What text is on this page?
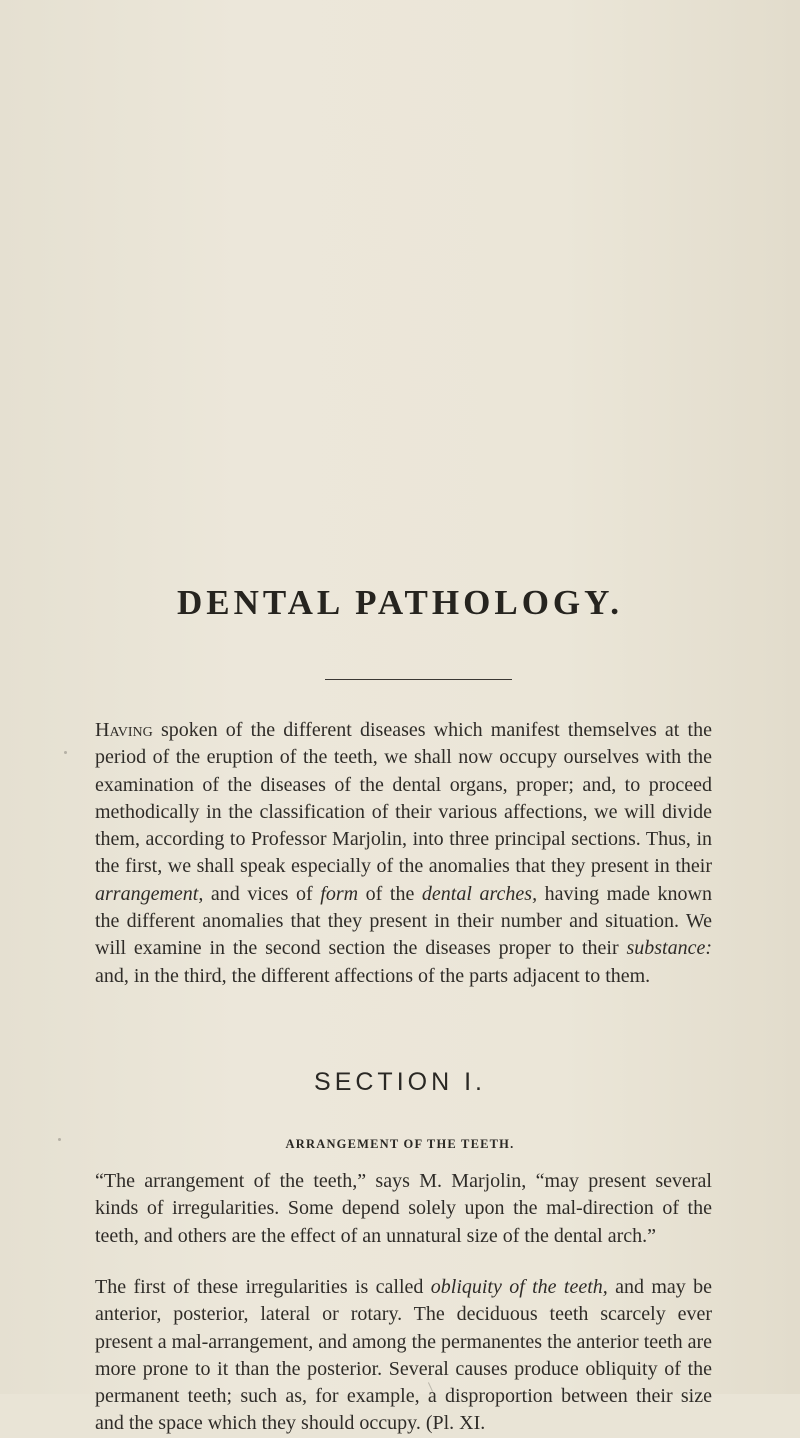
DENTAL PATHOLOGY.

Having spoken of the different diseases which manifest themselves at the period of the eruption of the teeth, we shall now occupy ourselves with the examination of the diseases of the dental organs, proper; and, to proceed methodically in the classification of their various affections, we will divide them, according to Professor Marjolin, into three principal sections. Thus, in the first, we shall speak especially of the anomalies that they present in their arrangement, and vices of form of the dental arches, having made known the different anomalies that they present in their number and situation. We will examine in the second section the diseases proper to their substance: and, in the third, the different affections of the parts adjacent to them.

SECTION I.
ARRANGEMENT OF THE TEETH.

“The arrangement of the teeth,” says M. Marjolin, “may present several kinds of irregularities. Some depend solely upon the mal-direction of the teeth, and others are the effect of an unnatural size of the dental arch.”

The first of these irregularities is called obliquity of the teeth, and may be anterior, posterior, lateral or rotary. The deciduous teeth scarcely ever present a mal-arrangement, and among the permanentes the anterior teeth are more prone to it than the posterior. Several causes produce obliquity of the permanent teeth; such as, for example, a disproportion between their size and the space which they should occupy. (Pl. XI.
